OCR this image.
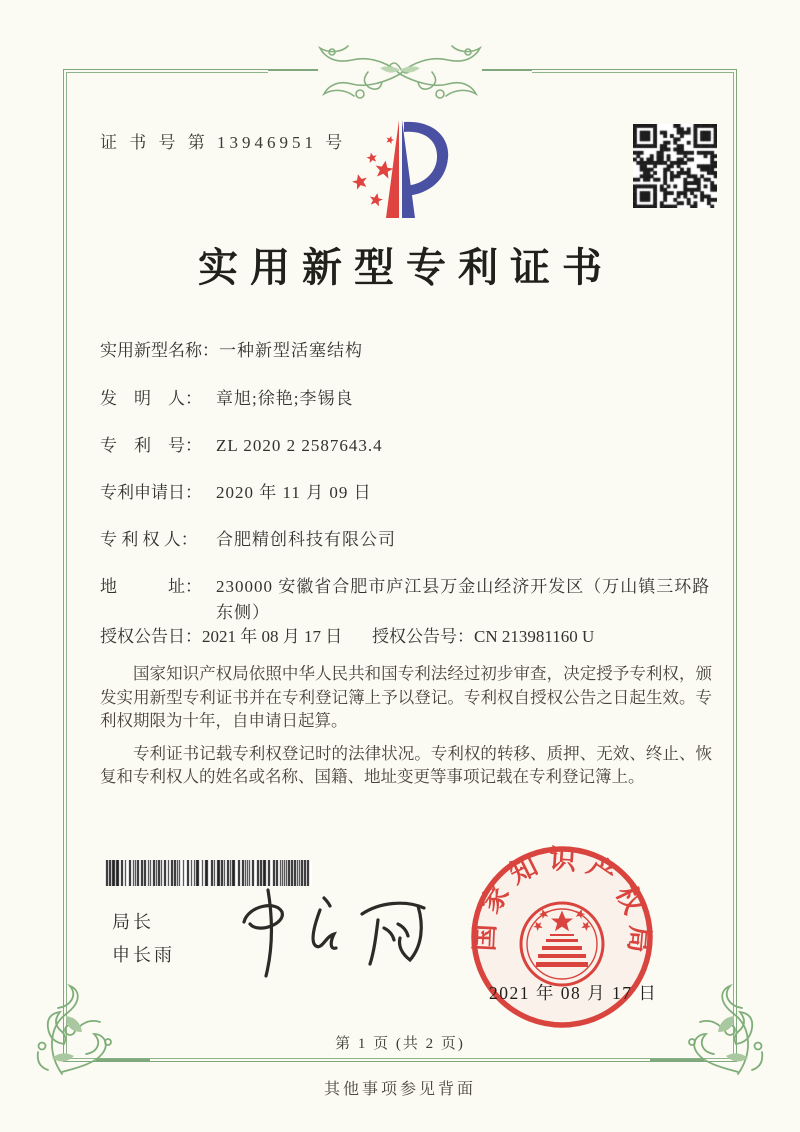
证 书 号 第 13946951 号
实用新型专利证书
实用新型名称： 一种新型活塞结构
发　明　人： 章旭;徐艳;李锡良
专　利　号： ZL 2020 2 2587643.4
专利申请日： 2020 年 11 月 09 日
专 利 权 人：	合肥精创科技有限公司
地　　　址： 230000 安徽省合肥市庐江县万金山经济开发区（万山镇三环路东侧）
授权公告日： 2021 年 08 月 17 日 授权公告号： CN 213981160 U

国家知识产权局依照中华人民共和国专利法经过初步审查，决定授予专利权，颁发实用新型专利证书并在专利登记簿上予以登记。专利权自授权公告之日起生效。专利权期限为十年，自申请日起算。

专利证书记载专利权登记时的法律状况。专利权的转移、质押、无效、终止、恢复和专利权人的姓名或名称、国籍、地址变更等事项记载在专利登记簿上。

局长
申长雨
国家知识产权局
2021 年 08 月 17 日
第 1 页 (共 2 页)
其他事项参见背面
